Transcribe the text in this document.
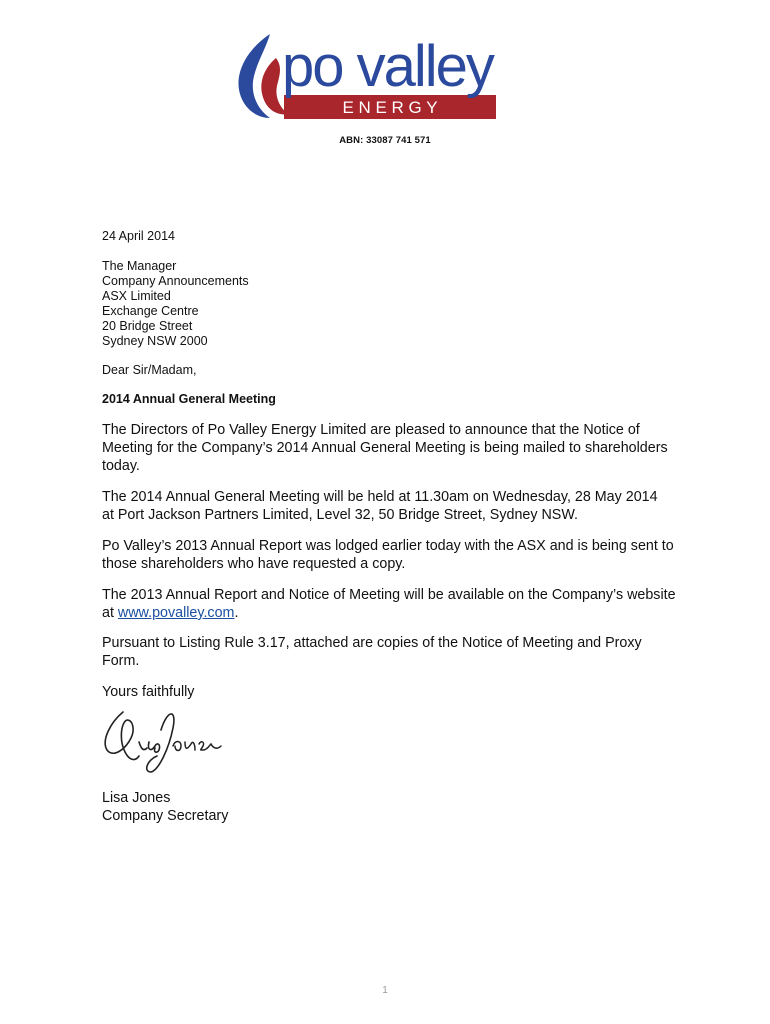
E N E R G Y
po valley
ABN: 33087 741 571

24 April 2014

The Manager
Company Announcements
ASX Limited
Exchange Centre
20 Bridge Street
Sydney NSW 2000

Dear Sir/Madam,

2014 Annual General Meeting

The Directors of Po Valley Energy Limited are pleased to announce that the Notice of
Meeting for the Company’s 2014 Annual General Meeting is being mailed to shareholders
today.

The 2014 Annual General Meeting will be held at 11.30am on Wednesday, 28 May 2014
at Port Jackson Partners Limited, Level 32, 50 Bridge Street, Sydney NSW.

Po Valley’s 2013 Annual Report was lodged earlier today with the ASX and is being sent to
those shareholders who have requested a copy.

The 2013 Annual Report and Notice of Meeting will be available on the Company’s website
at www.povalley.com.

Pursuant to Listing Rule 3.17, attached are copies of the Notice of Meeting and Proxy
Form.

Yours faithfully

Lisa Jones

Company Secretary

1
